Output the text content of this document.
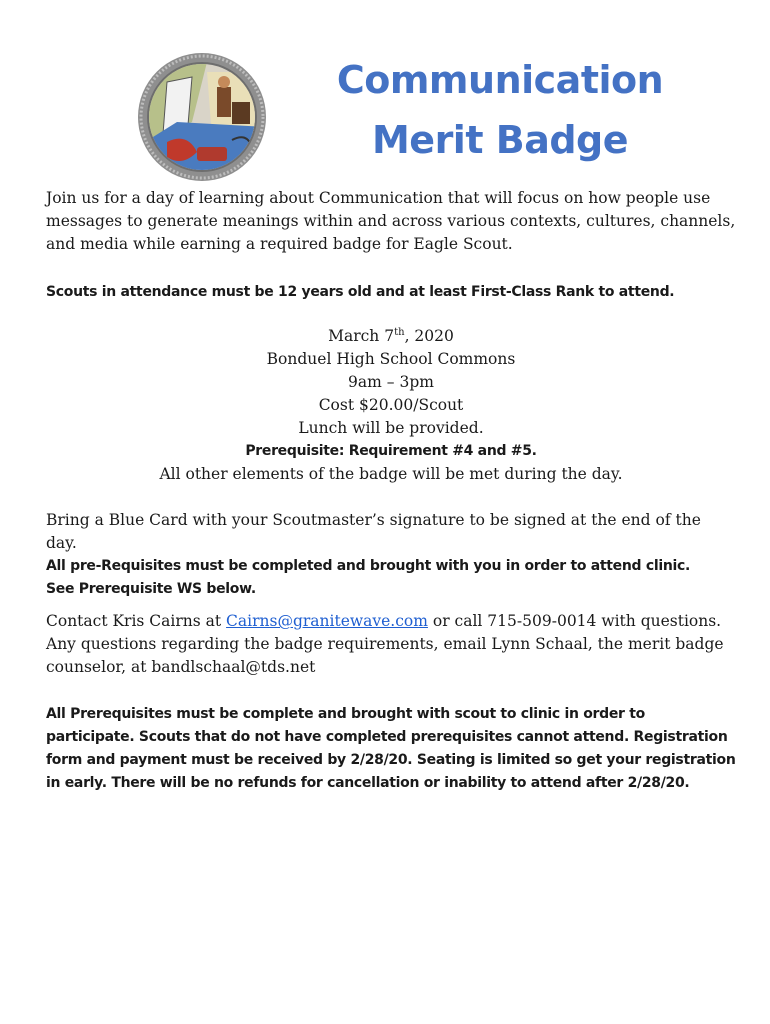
Communication
Merit Badge
Join us for a day of learning about Communication that will focus on how people use messages to generate meanings within and across various contexts, cultures, channels, and media while earning a required badge for Eagle Scout.
Scouts in attendance must be 12 years old and at least First-Class Rank to attend.
March 7th, 2020
Bonduel High School Commons
9am – 3pm
Cost $20.00/Scout
Lunch will be provided.
Prerequisite: Requirement #4 and #5.
All other elements of the badge will be met during the day.
Bring a Blue Card with your Scoutmaster’s signature to be signed at the end of the day.
All pre-Requisites must be completed and brought with you in order to attend clinic.
See Prerequisite WS below.
Contact Kris Cairns at Cairns@granitewave.com or call 715-509-0014 with questions. Any questions regarding the badge requirements, email Lynn Schaal, the merit badge counselor, at bandlschaal@tds.net
All Prerequisites must be complete and brought with scout to clinic in order to participate. Scouts that do not have completed prerequisites cannot attend. Registration form and payment must be received by 2/28/20. Seating is limited so get your registration in early. There will be no refunds for cancellation or inability to attend after 2/28/20.
